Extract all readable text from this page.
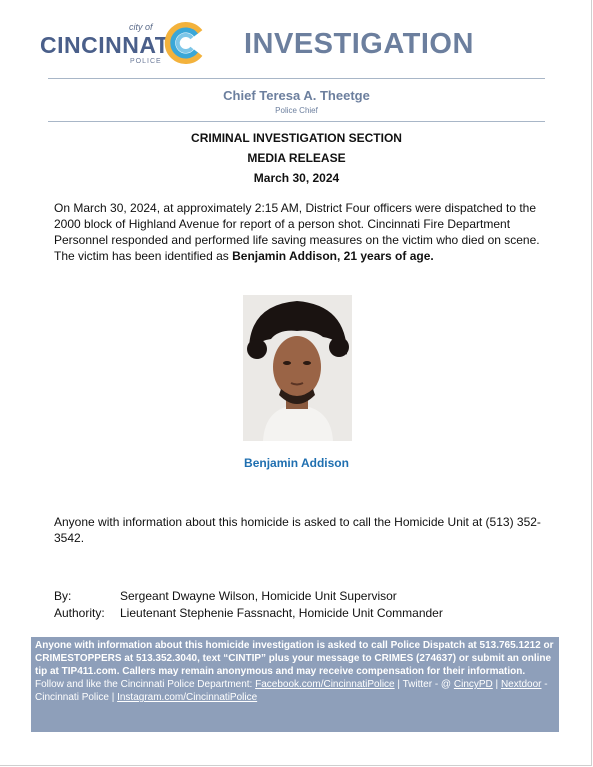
city of
CINCINNATI
POLICE
INVESTIGATION
Chief Teresa A. Theetge
Police Chief
CRIMINAL INVESTIGATION SECTION
MEDIA RELEASE
March 30, 2024
On March 30, 2024, at approximately 2:15 AM, District Four officers were dispatched to the 2000 block of Highland Avenue for report of a person shot. Cincinnati Fire Department Personnel responded and performed life saving measures on the victim who died on scene. The victim has been identified as Benjamin Addison, 21 years of age.
Benjamin Addison
Anyone with information about this homicide is asked to call the Homicide Unit at (513) 352-3542.
By:	Sergeant Dwayne Wilson, Homicide Unit Supervisor
Authority: Lieutenant Stephenie Fassnacht, Homicide Unit Commander
Anyone with information about this homicide investigation is asked to call Police Dispatch at 513.765.1212 or CRIMESTOPPERS at 513.352.3040, text “CINTIP” plus your message to CRIMES (274637) or submit an online tip at TIP411.com. Callers may remain anonymous and may receive compensation for their information.
Follow and like the Cincinnati Police Department: Facebook.com/CincinnatiPolice | Twitter - @ CincyPD | Nextdoor - Cincinnati Police | Instagram.com/CincinnatiPolice
